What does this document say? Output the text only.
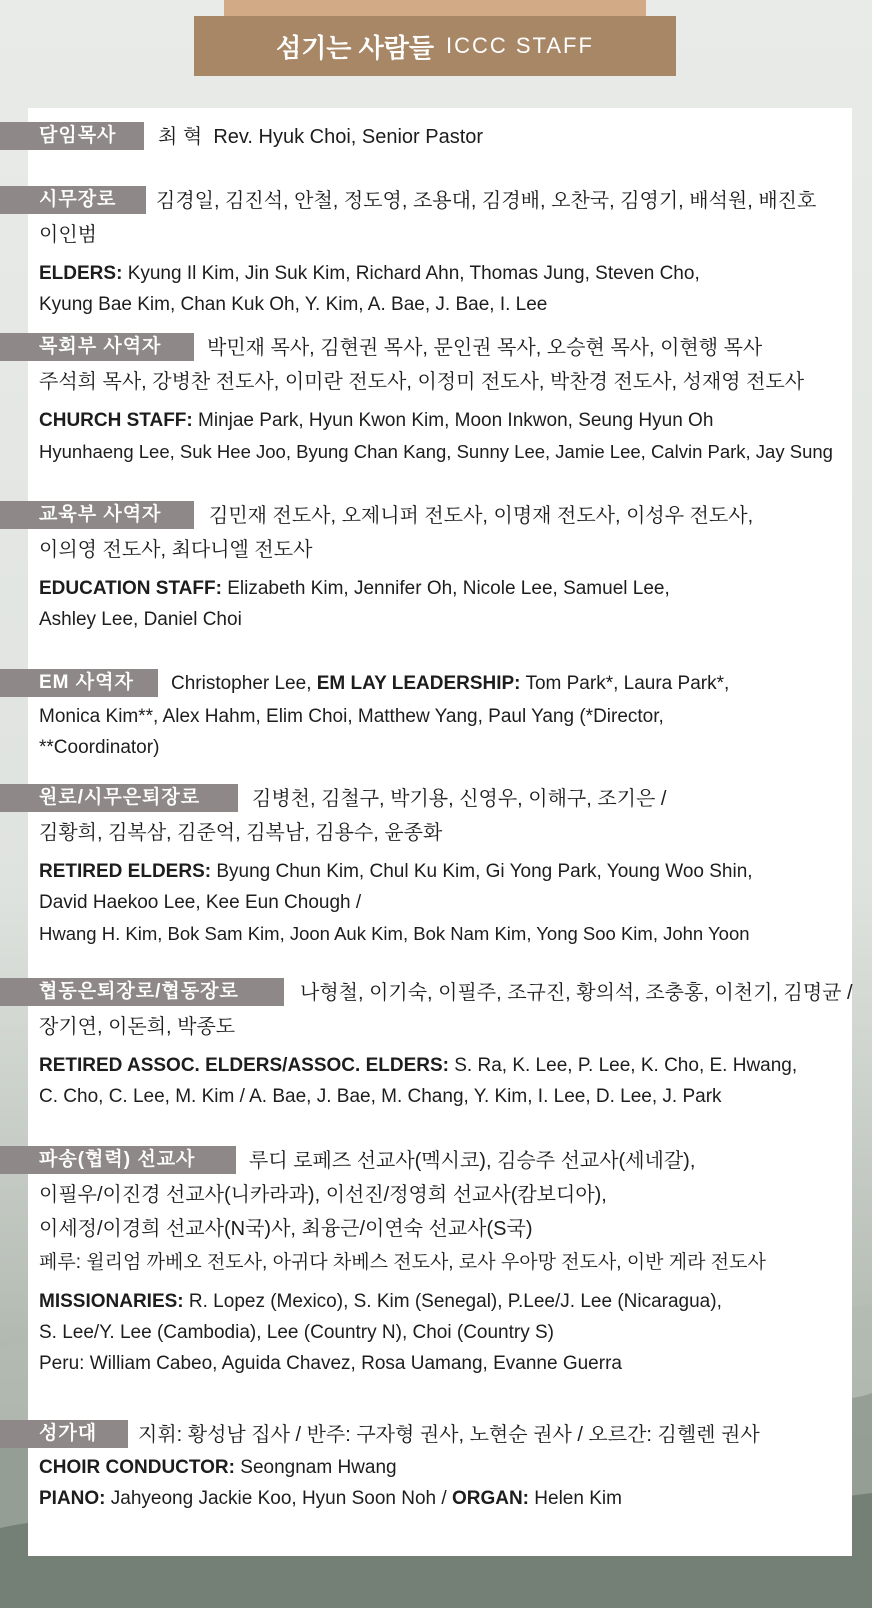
섬기는 사람들 ICCC STAFF
담임목사	최 혁 Rev. Hyuk Choi, Senior Pastor
시무장로	김경일, 김진석, 안철, 정도영, 조용대, 김경배, 오찬국, 김영기, 배석원, 배진호
이인범
ELDERS: Kyung Il Kim, Jin Suk Kim, Richard Ahn, Thomas Jung, Steven Cho,
Kyung Bae Kim, Chan Kuk Oh, Y. Kim, A. Bae, J. Bae, I. Lee
목회부 사역자	박민재 목사, 김현권 목사, 문인권 목사, 오승현 목사, 이현행 목사
주석희 목사, 강병찬 전도사, 이미란 전도사, 이정미 전도사, 박찬경 전도사, 성재영 전도사
CHURCH STAFF: Minjae Park, Hyun Kwon Kim, Moon Inkwon, Seung Hyun Oh
Hyunhaeng Lee, Suk Hee Joo, Byung Chan Kang, Sunny Lee, Jamie Lee, Calvin Park, Jay Sung
교육부 사역자	김민재 전도사, 오제니퍼 전도사, 이명재 전도사, 이성우 전도사,
이의영 전도사, 최다니엘 전도사
EDUCATION STAFF: Elizabeth Kim, Jennifer Oh, Nicole Lee, Samuel Lee,
Ashley Lee, Daniel Choi
EM 사역자	Christopher Lee, EM LAY LEADERSHIP: Tom Park*, Laura Park*,
Monica Kim**, Alex Hahm, Elim Choi, Matthew Yang, Paul Yang (*Director,
**Coordinator)
원로/시무은퇴장로	김병천, 김철구, 박기용, 신영우, 이해구, 조기은 /
김황희, 김복삼, 김준억, 김복남, 김용수, 윤종화
RETIRED ELDERS: Byung Chun Kim, Chul Ku Kim, Gi Yong Park, Young Woo Shin,
David Haekoo Lee, Kee Eun Chough /
Hwang H. Kim, Bok Sam Kim, Joon Auk Kim, Bok Nam Kim, Yong Soo Kim, John Yoon
협동은퇴장로/협동장로	나형철, 이기숙, 이필주, 조규진, 황의석, 조충홍, 이천기, 김명균 /
장기연, 이돈희, 박종도
RETIRED ASSOC. ELDERS/ASSOC. ELDERS: S. Ra, K. Lee, P. Lee, K. Cho, E. Hwang,
C. Cho, C. Lee, M. Kim / A. Bae, J. Bae, M. Chang, Y. Kim, I. Lee, D. Lee, J. Park
파송(협력) 선교사	루디 로페즈 선교사(멕시코), 김승주 선교사(세네갈),
이필우/이진경 선교사(니카라과), 이선진/정영희 선교사(캄보디아),
이세정/이경희 선교사(N국)사, 최융근/이연숙 선교사(S국)
페루: 윌리엄 까베오 전도사, 아귀다 차베스 전도사, 로사 우아망 전도사, 이반 게라 전도사
MISSIONARIES: R. Lopez (Mexico), S. Kim (Senegal), P.Lee/J. Lee (Nicaragua),
S. Lee/Y. Lee (Cambodia), Lee (Country N), Choi (Country S)
Peru: William Cabeo, Aguida Chavez, Rosa Uamang, Evanne Guerra
성가대	지휘: 황성남 집사 / 반주: 구자형 권사, 노현순 권사 / 오르간: 김헬렌 권사
CHOIR CONDUCTOR: Seongnam Hwang
PIANO: Jahyeong Jackie Koo, Hyun Soon Noh / ORGAN: Helen Kim
